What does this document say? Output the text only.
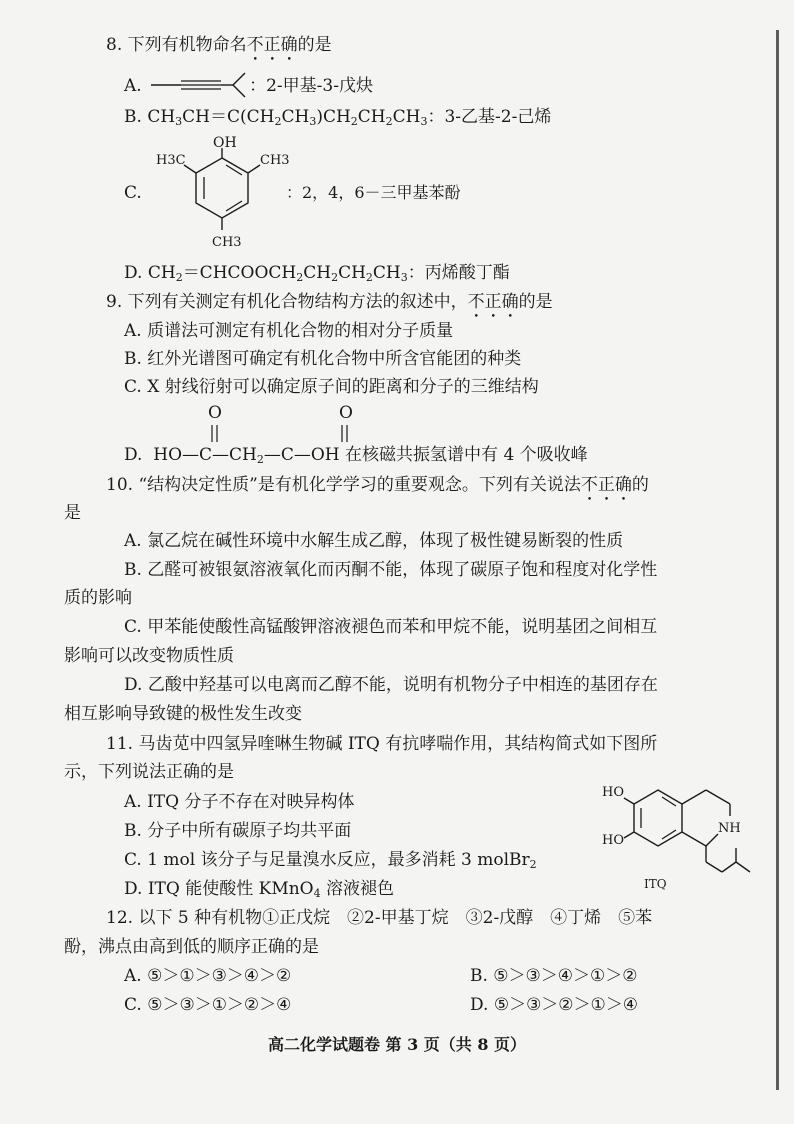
8. 下列有机物命名不正确的是
A.	：2-甲基-3-戊炔
B. $CH_3CH=C(CH_2CH_3)CH_2CH_2CH_3$：3-乙基-2-己烯
C.
OH
H3C	CH3
CH3
：2，4，6－三甲基苯酚
D. $CH_2=CHCOOCH_2CH_2CH_2CH_3$：丙烯酸丁酯
9. 下列有关测定有机化合物结构方法的叙述中，不正确的是
A. 质谱法可测定有机化合物的相对分子质量
B. 红外光谱图可确定有机化合物中所含官能团的种类
C. X 射线衍射可以确定原子间的距离和分子的三维结构
O	O
D. $HO—C—CH_2—C—OH$ 在核磁共振氢谱中有 4 个吸收峰
10. “结构决定性质”是有机化学学习的重要观念。下列有关说法不正确的
是
A. 氯乙烷在碱性环境中水解生成乙醇，体现了极性键易断裂的性质
B. 乙醛可被银氨溶液氧化而丙酮不能，体现了碳原子饱和程度对化学性
质的影响
C. 甲苯能使酸性高锰酸钾溶液褪色而苯和甲烷不能，说明基团之间相互
影响可以改变物质性质
D. 乙酸中羟基可以电离而乙醇不能，说明有机物分子中相连的基团存在
相互影响导致键的极性发生改变
11. 马齿苋中四氢异喹啉生物碱 ITQ 有抗哮喘作用，其结构简式如下图所
示，下列说法正确的是
A. ITQ 分子不存在对映异构体
B. 分子中所有碳原子均共平面
C. 1 mol 该分子与足量溴水反应，最多消耗 3 molBr$_2$
D. ITQ 能使酸性 KMnO$_4$ 溶液褪色
HO
HO
NH
ITQ
12. 以下 5 种有机物①正戊烷　②2-甲基丁烷　③2-戊醇　④丁烯　⑤苯
酚，沸点由高到低的顺序正确的是
A. ⑤＞①＞③＞④＞②	B. ⑤＞③＞④＞①＞②
C. ⑤＞③＞①＞②＞④	D. ⑤＞③＞②＞①＞④
高二化学试题卷 第 3 页（共 8 页）
